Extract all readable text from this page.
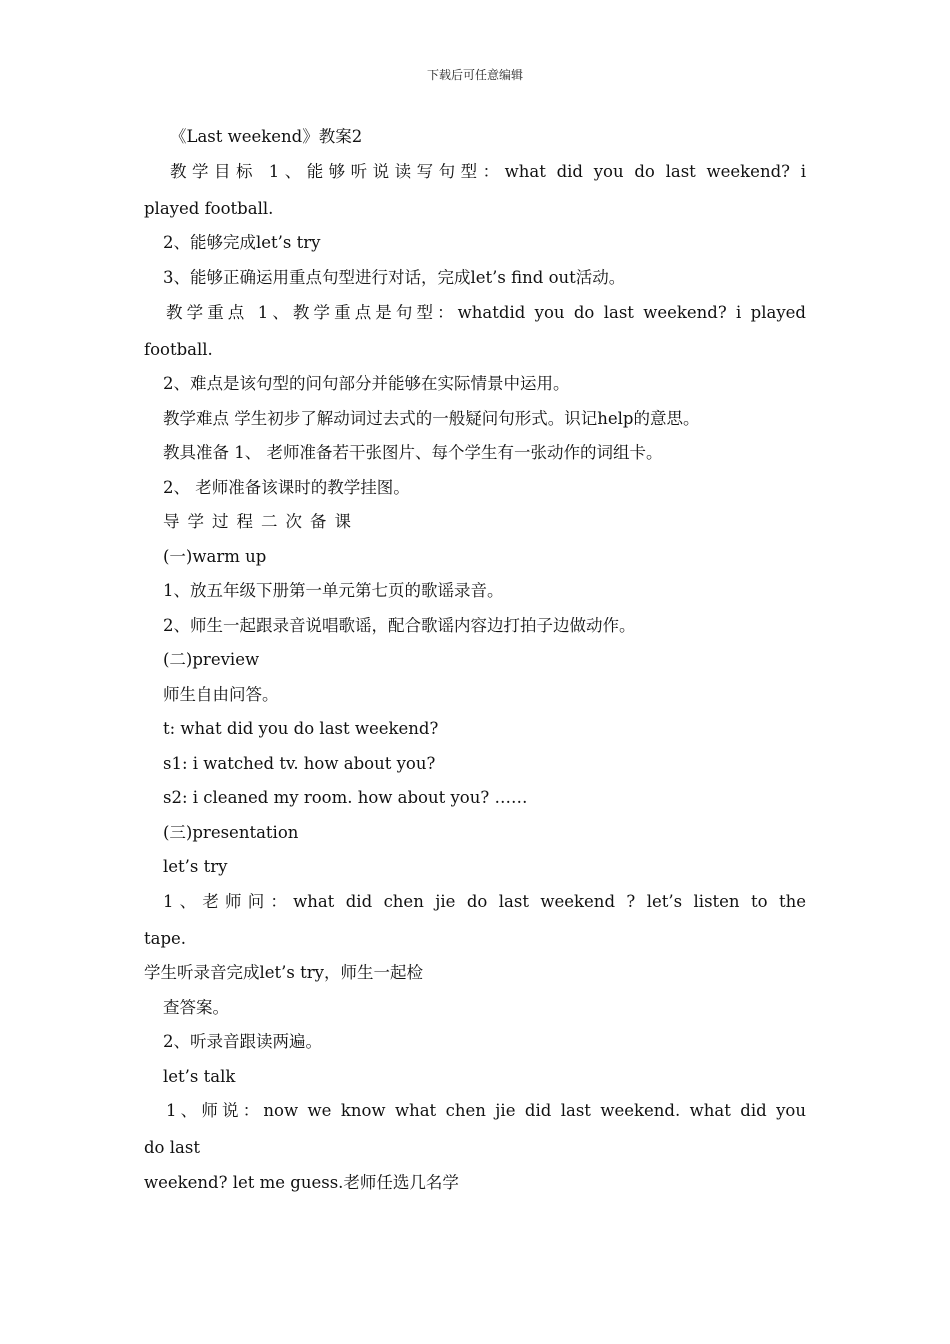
下载后可任意编辑
《Last weekend》教案2
教学目标 1、能够听说读写句型：what did you do last weekend? i
played football.
2、能够完成let’s try
3、能够正确运用重点句型进行对话，完成let’s find out活动。
教学重点 1、教学重点是句型：whatdid you do last weekend? i played
football.
2、难点是该句型的问句部分并能够在实际情景中运用。
教学难点 学生初步了解动词过去式的一般疑问句形式。识记help的意思。
教具准备 1、 老师准备若干张图片、每个学生有一张动作的词组卡。
2、 老师准备该课时的教学挂图。
导学过程二次备课
(一)warm up
1、放五年级下册第一单元第七页的歌谣录音。
2、师生一起跟录音说唱歌谣，配合歌谣内容边打拍子边做动作。
(二)preview
师生自由问答。
t: what did you do last weekend?
s1: i watched tv. how about you?
s2: i cleaned my room. how about you? ……
(三)presentation
let’s try
1、老师问：what did chen jie do last weekend ? let’s listen to the
tape.
学生听录音完成let’s try，师生一起检
查答案。
2、听录音跟读两遍。
let’s talk
1、师说：now we know what chen jie did last weekend. what did you
do last
weekend? let me guess.老师任选几名学
